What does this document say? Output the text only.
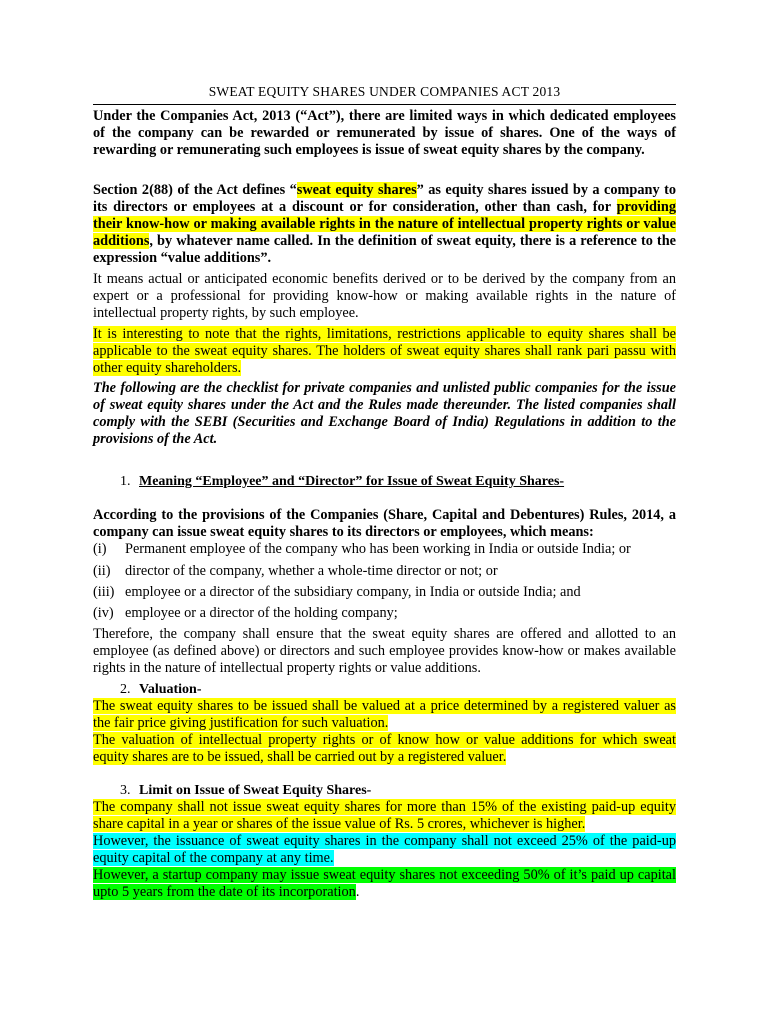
SWEAT EQUITY SHARES UNDER COMPANIES ACT 2013
Under the Companies Act, 2013 (“Act”), there are limited ways in which dedicated employees of the company can be rewarded or remunerated by issue of shares. One of the ways of rewarding or remunerating such employees is issue of sweat equity shares by the company.
Section 2(88) of the Act defines “sweat equity shares” as equity shares issued by a company to its directors or employees at a discount or for consideration, other than cash, for providing their know-how or making available rights in the nature of intellectual property rights or value additions, by whatever name called. In the definition of sweat equity, there is a reference to the expression “value additions”.
It means actual or anticipated economic benefits derived or to be derived by the company from an expert or a professional for providing know-how or making available rights in the nature of intellectual property rights, by such employee.
It is interesting to note that the rights, limitations, restrictions applicable to equity shares shall be applicable to the sweat equity shares. The holders of sweat equity shares shall rank pari passu with other equity shareholders.
The following are the checklist for private companies and unlisted public companies for the issue of sweat equity shares under the Act and the Rules made thereunder. The listed companies shall comply with the SEBI (Securities and Exchange Board of India) Regulations in addition to the provisions of the Act.
1. Meaning “Employee” and “Director” for Issue of Sweat Equity Shares-
According to the provisions of the Companies (Share, Capital and Debentures) Rules, 2014, a company can issue sweat equity shares to its directors or employees, which means:
(i) Permanent employee of the company who has been working in India or outside India; or
(ii) director of the company, whether a whole-time director or not; or
(iii) employee or a director of the subsidiary company, in India or outside India; and
(iv) employee or a director of the holding company;
Therefore, the company shall ensure that the sweat equity shares are offered and allotted to an employee (as defined above) or directors and such employee provides know-how or makes available rights in the nature of intellectual property rights or value additions.
2. Valuation-
The sweat equity shares to be issued shall be valued at a price determined by a registered valuer as the fair price giving justification for such valuation.
The valuation of intellectual property rights or of know how or value additions for which sweat equity shares are to be issued, shall be carried out by a registered valuer.
3. Limit on Issue of Sweat Equity Shares-
The company shall not issue sweat equity shares for more than 15% of the existing paid-up equity share capital in a year or shares of the issue value of Rs. 5 crores, whichever is higher.
However, the issuance of sweat equity shares in the company shall not exceed 25% of the paid-up equity capital of the company at any time.
However, a startup company may issue sweat equity shares not exceeding 50% of it’s paid up capital upto 5 years from the date of its incorporation.
